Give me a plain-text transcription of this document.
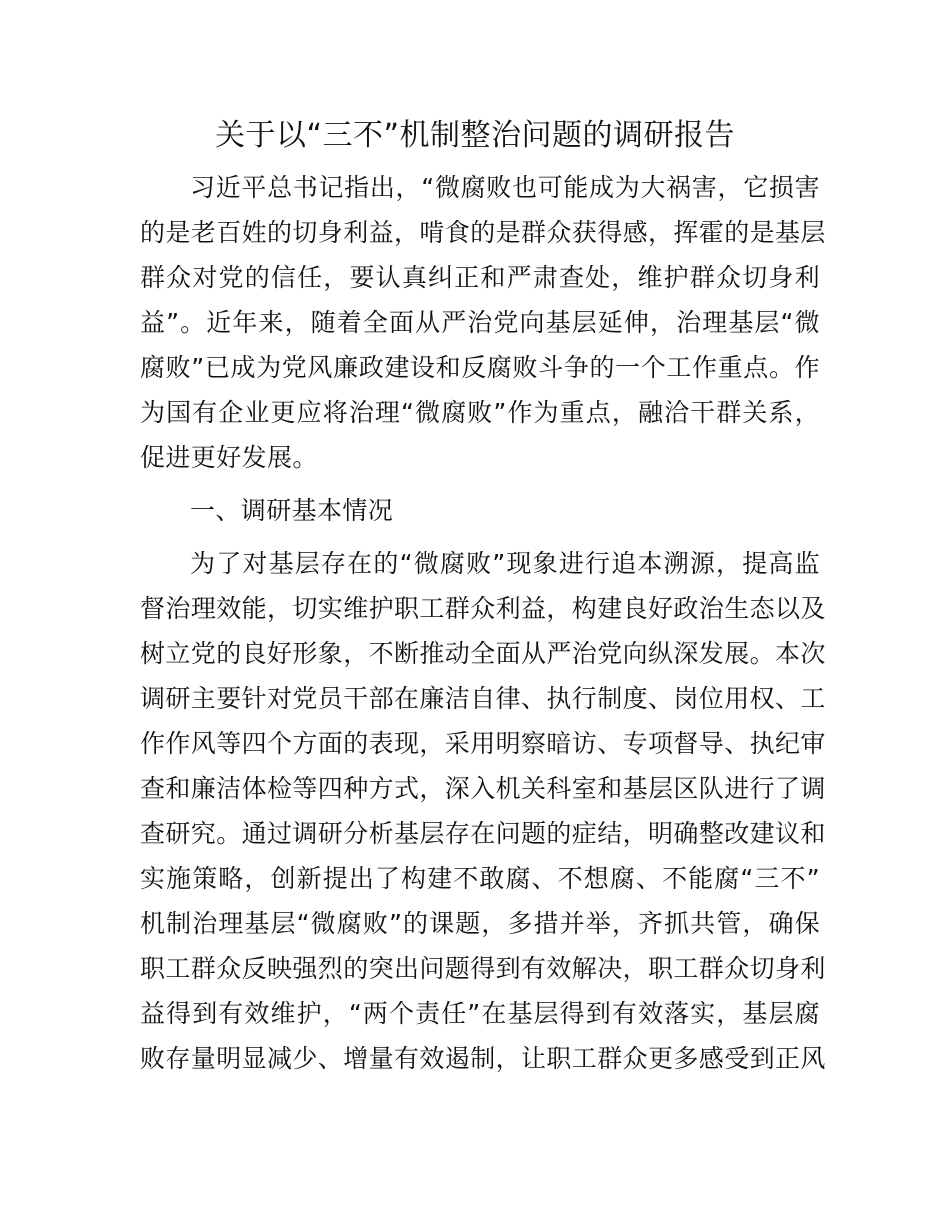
关于以“三不”机制整治问题的调研报告
习近平总书记指出，“微腐败也可能成为大祸害，它损害
的是老百姓的切身利益，啃食的是群众获得感，挥霍的是基层
群众对党的信任，要认真纠正和严肃查处，维护群众切身利
益”。近年来，随着全面从严治党向基层延伸，治理基层“微
腐败”已成为党风廉政建设和反腐败斗争的一个工作重点。作
为国有企业更应将治理“微腐败”作为重点，融洽干群关系，
促进更好发展。
一、调研基本情况
为了对基层存在的“微腐败”现象进行追本溯源，提高监
督治理效能，切实维护职工群众利益，构建良好政治生态以及
树立党的良好形象，不断推动全面从严治党向纵深发展。本次
调研主要针对党员干部在廉洁自律、执行制度、岗位用权、工
作作风等四个方面的表现，采用明察暗访、专项督导、执纪审
查和廉洁体检等四种方式，深入机关科室和基层区队进行了调
查研究。通过调研分析基层存在问题的症结，明确整改建议和
实施策略，创新提出了构建不敢腐、不想腐、不能腐“三不”
机制治理基层“微腐败”的课题，多措并举，齐抓共管，确保
职工群众反映强烈的突出问题得到有效解决，职工群众切身利
益得到有效维护，“两个责任”在基层得到有效落实，基层腐
败存量明显减少、增量有效遏制，让职工群众更多感受到正风
